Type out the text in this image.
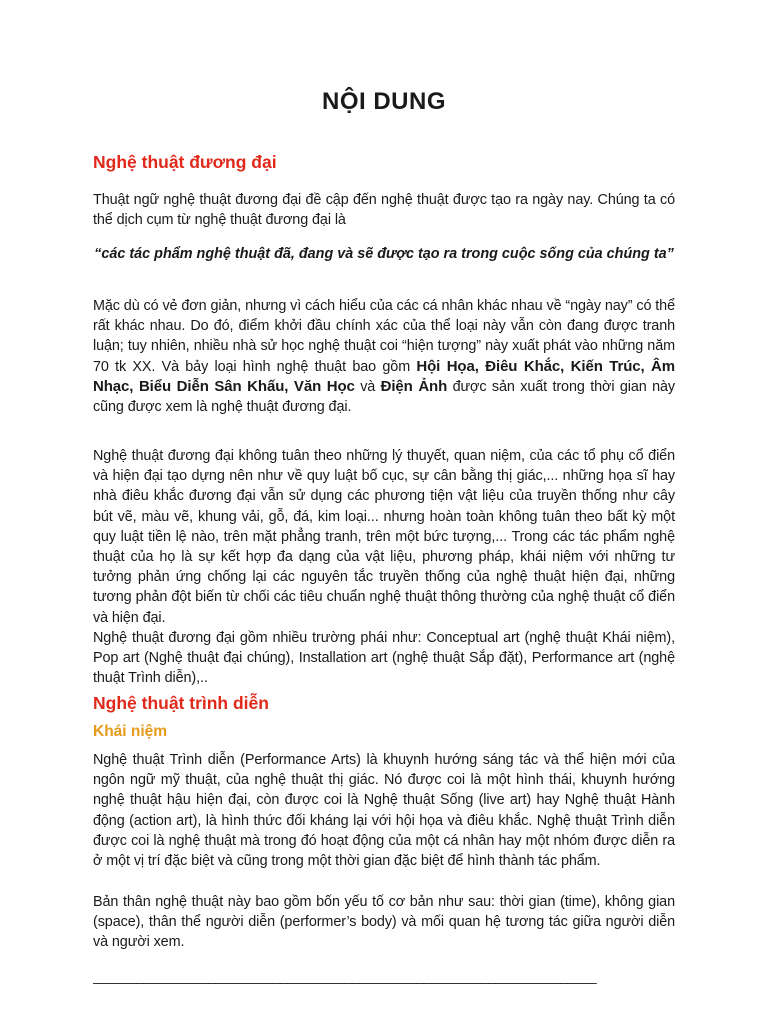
NỘI DUNG
Nghệ thuật đương đại

Thuật ngữ nghệ thuật đương đại đề cập đến nghệ thuật được tạo ra ngày nay. Chúng ta có thể dịch cụm từ nghệ thuật đương đại là

“các tác phẩm nghệ thuật đã, đang và sẽ được tạo ra trong cuộc sống của chúng ta”

Mặc dù có vẻ đơn giản, nhưng vì cách hiểu của các cá nhân khác nhau về “ngày nay” có thể rất khác nhau. Do đó, điểm khởi đầu chính xác của thể loại này vẫn còn đang được tranh luận; tuy nhiên, nhiều nhà sử học nghệ thuật coi “hiện tượng” này xuất phát vào những năm 70 tk XX. Và bảy loại hình nghệ thuật bao gồm Hội Họa, Điêu Khắc, Kiến Trúc, Âm Nhạc, Biểu Diễn Sân Khấu, Văn Học và Điện Ảnh được sản xuất trong thời gian này cũng được xem là nghệ thuật đương đại.

Nghệ thuật đương đại không tuân theo những lý thuyết, quan niệm, của các tổ phụ cổ điển và hiện đại tạo dựng nên như về quy luật bố cục, sự cân bằng thị giác,... những họa sĩ hay nhà điêu khắc đương đại vẫn sử dụng các phương tiện vật liệu của truyền thống như cây bút vẽ, màu vẽ, khung vải, gỗ, đá, kim loại... nhưng hoàn toàn không tuân theo bất kỳ một quy luật tiền lệ nào, trên mặt phẳng tranh, trên một bức tượng,... Trong các tác phẩm nghệ thuật của họ là sự kết hợp đa dạng của vật liệu, phương pháp, khái niệm với những tư tưởng phản ứng chống lại các nguyên tắc truyền thống của nghệ thuật hiện đại, những tương phản đột biến từ chối các tiêu chuẩn nghệ thuật thông thường của nghệ thuật cổ điển và hiện đại.

Nghệ thuật đương đại gồm nhiều trường phái như: Conceptual art (nghệ thuật Khái niệm), Pop art (Nghệ thuật đại chúng), Installation art (nghệ thuật Sắp đặt), Performance art (nghệ thuật Trình diễn),..

Nghệ thuật trình diễn
Khái niệm

Nghệ thuật Trình diễn (Performance Arts) là khuynh hướng sáng tác và thể hiện mới của ngôn ngữ mỹ thuật, của nghệ thuật thị giác. Nó được coi là một hình thái, khuynh hướng nghệ thuật hậu hiện đại, còn được coi là Nghệ thuật Sống (live art) hay Nghệ thuật Hành động (action art), là hình thức đối kháng lại với hội họa và điêu khắc. Nghệ thuật Trình diễn được coi là nghệ thuật mà trong đó hoạt động của một cá nhân hay một nhóm được diễn ra ở một vị trí đặc biệt và cũng trong một thời gian đặc biệt để hình thành tác phẩm.

Bản thân nghệ thuật này bao gồm bốn yếu tố cơ bản như sau: thời gian (time), không gian (space), thân thể người diễn (performer’s body) và mối quan hệ tương tác giữa người diễn và người xem.

______________________________________________________________________
